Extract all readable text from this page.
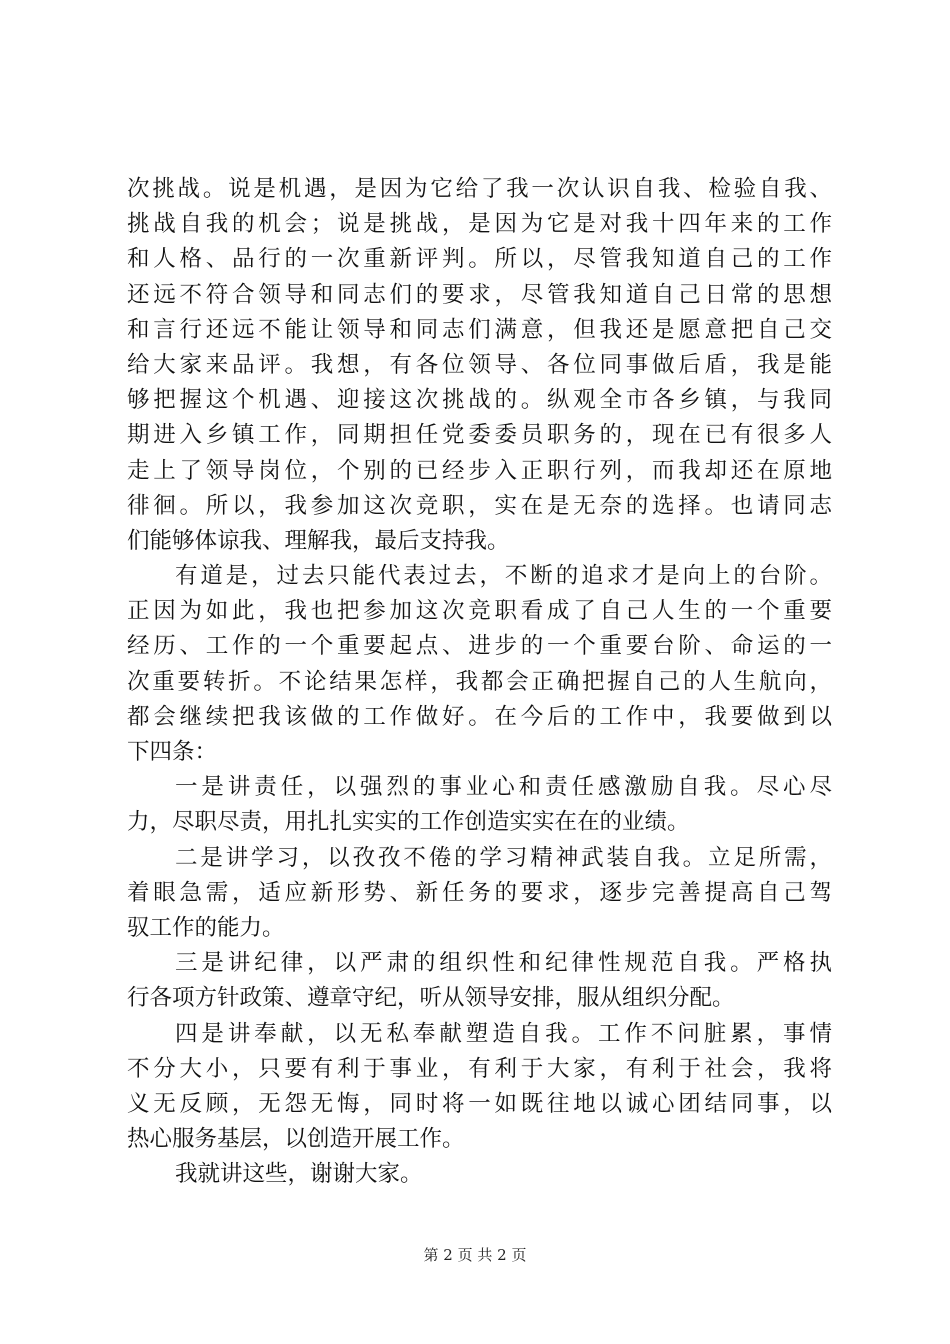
次挑战。说是机遇，是因为它给了我一次认识自我、检验自我、
挑战自我的机会；说是挑战，是因为它是对我十四年来的工作
和人格、品行的一次重新评判。所以，尽管我知道自己的工作
还远不符合领导和同志们的要求，尽管我知道自己日常的思想
和言行还远不能让领导和同志们满意，但我还是愿意把自己交
给大家来品评。我想，有各位领导、各位同事做后盾，我是能
够把握这个机遇、迎接这次挑战的。纵观全市各乡镇，与我同
期进入乡镇工作，同期担任党委委员职务的，现在已有很多人
走上了领导岗位，个别的已经步入正职行列，而我却还在原地
徘徊。所以，我参加这次竞职，实在是无奈的选择。也请同志
们能够体谅我、理解我，最后支持我。
有道是，过去只能代表过去，不断的追求才是向上的台阶。
正因为如此，我也把参加这次竞职看成了自己人生的一个重要
经历、工作的一个重要起点、进步的一个重要台阶、命运的一
次重要转折。不论结果怎样，我都会正确把握自己的人生航向，
都会继续把我该做的工作做好。在今后的工作中，我要做到以
下四条：
一是讲责任，以强烈的事业心和责任感激励自我。尽心尽
力，尽职尽责，用扎扎实实的工作创造实实在在的业绩。
二是讲学习，以孜孜不倦的学习精神武装自我。立足所需，
着眼急需，适应新形势、新任务的要求，逐步完善提高自己驾
驭工作的能力。
三是讲纪律，以严肃的组织性和纪律性规范自我。严格执
行各项方针政策、遵章守纪，听从领导安排，服从组织分配。
四是讲奉献，以无私奉献塑造自我。工作不问脏累，事情
不分大小，只要有利于事业，有利于大家，有利于社会，我将
义无反顾，无怨无悔，同时将一如既往地以诚心团结同事，以
热心服务基层，以创造开展工作。
我就讲这些，谢谢大家。
第 2 页 共 2 页
